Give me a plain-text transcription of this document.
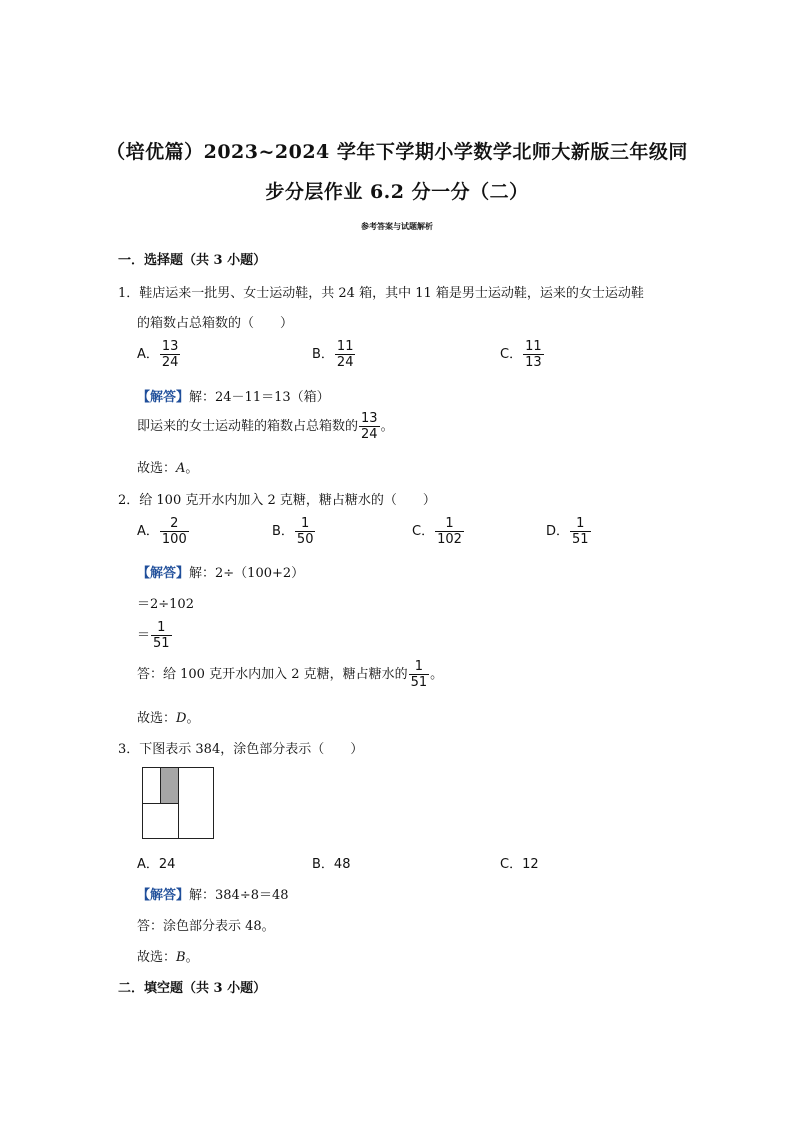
（培优篇）2023~2024 学年下学期小学数学北师大新版三年级同
步分层作业 6.2 分一分（二）
参考答案与试题解析
一．选择题（共 3 小题）
1．鞋店运来一批男、女士运动鞋，共 24 箱，其中 11 箱是男士运动鞋，运来的女士运动鞋
的箱数占总箱数的（　　）
A． $\frac{13}{24}$	B． $\frac{11}{24}$	C． $\frac{11}{13}$
【解答】解：24－11＝13（箱）
即运来的女士运动鞋的箱数占总箱数的 $\frac{13}{24}$ 。
故选：A。
2．给 100 克开水内加入 2 克糖，糖占糖水的（　　）
A． $\frac{2}{100}$	B． $\frac{1}{50}$	C． $\frac{1}{102}$	D． $\frac{1}{51}$
【解答】解：2÷（100+2）
＝2÷102
＝ $\frac{1}{51}$
答：给 100 克开水内加入 2 克糖，糖占糖水的 $\frac{1}{51}$ 。
故选：D。
3．下图表示 384，涂色部分表示（　　）
A．24	B．48	C．12
【解答】解：384÷8＝48
答：涂色部分表示 48。
故选：B。
二．填空题（共 3 小题）
